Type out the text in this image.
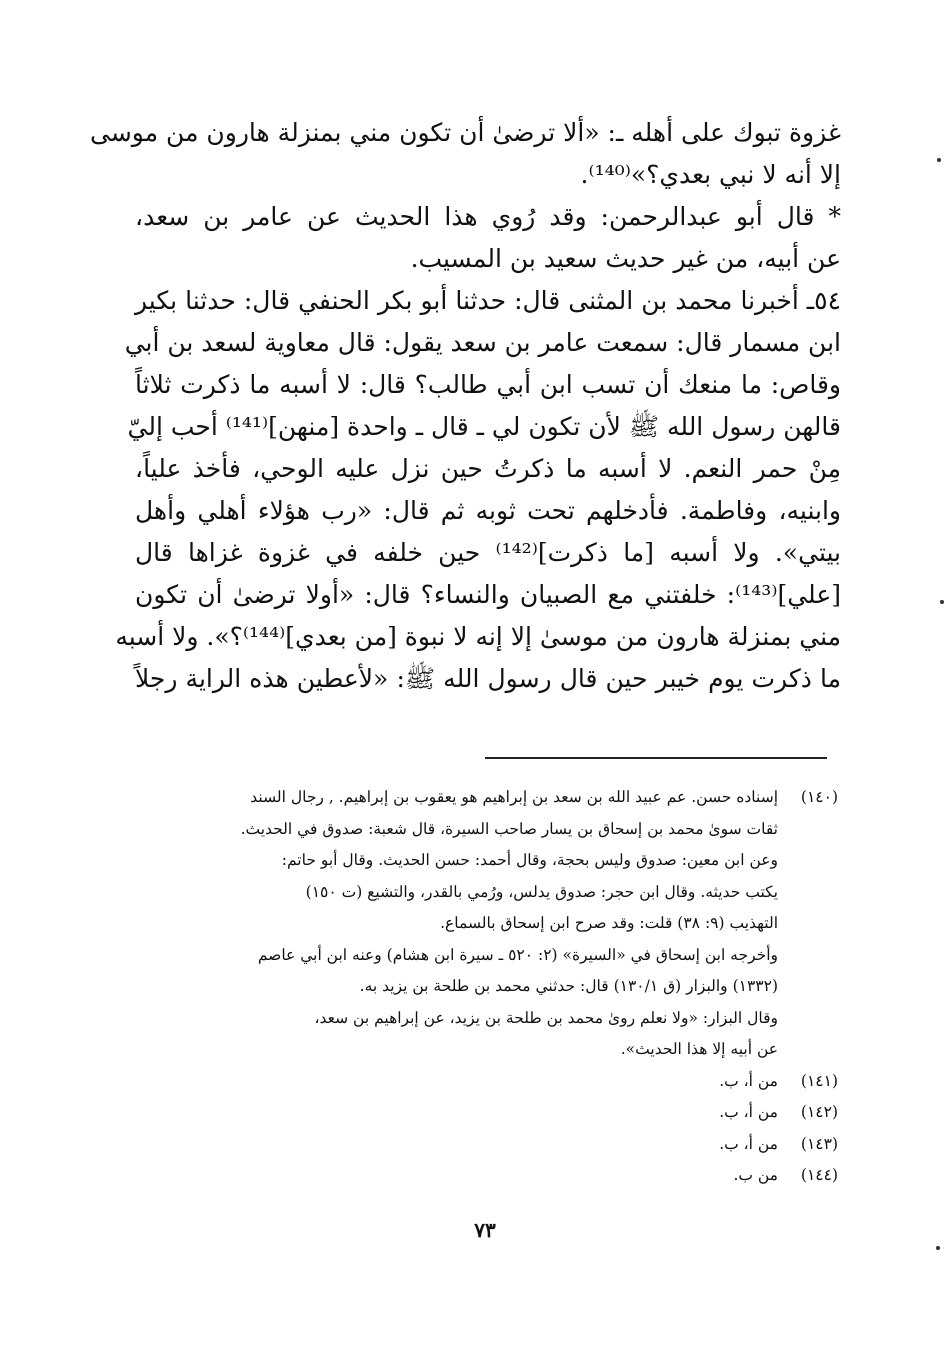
غزوة تبوك على أهله ـ: «ألا ترضىٰ أن تكون مني بمنزلة هارون من موسى
إلا أنه لا نبي بعدي؟»⁽¹⁴⁰⁾.
* قال أبو عبدالرحمن: وقد رُوي هذا الحديث عن عامر بن سعد،
عن أبيه، من غير حديث سعيد بن المسيب.
٥٤ـ أخبرنا محمد بن المثنى قال: حدثنا أبو بكر الحنفي قال: حدثنا بكير
ابن مسمار قال: سمعت عامر بن سعد يقول: قال معاوية لسعد بن أبي
وقاص: ما منعك أن تسب ابن أبي طالب؟ قال: لا أسبه ما ذكرت ثلاثاً
قالهن رسول الله ﷺ لأن تكون لي ـ قال ـ واحدة [منهن]⁽¹⁴¹⁾ أحب إليّ
مِنْ حمر النعم. لا أسبه ما ذكرتُ حين نزل عليه الوحي، فأخذ علياً،
وابنيه، وفاطمة. فأدخلهم تحت ثوبه ثم قال: «رب هؤلاء أهلي وأهل
بيتي». ولا أسبه [ما ذكرت]⁽¹⁴²⁾ حين خلفه في غزوة غزاها قال
[علي]⁽¹⁴³⁾: خلفتني مع الصبيان والنساء؟ قال: «أولا ترضىٰ أن تكون
مني بمنزلة هارون من موسىٰ إلا إنه لا نبوة [من بعدي]⁽¹⁴⁴⁾؟». ولا أسبه
ما ذكرت يوم خيبر حين قال رسول الله ﷺ: «لأعطين هذه الراية رجلاً
(١٤٠)
إسناده حسن. عم عبيد الله بن سعد بن إبراهيم هو يعقوب بن إبراهيم. , رجال السند
ثقات سوىٰ محمد بن إسحاق بن يسار صاحب السيرة، قال شعبة: صدوق في الحديث.
وعن ابن معين: صدوق وليس بحجة، وقال أحمد: حسن الحديث. وقال أبو حاتم:
يكتب حديثه. وقال ابن حجر: صدوق يدلس، ورُمي بالقدر، والتشيع (ت ١٥٠)
التهذيب (٩: ٣٨) قلت: وقد صرح ابن إسحاق بالسماع.
وأخرجه ابن إسحاق في «السيرة» (٢: ٥٢٠ ـ سيرة ابن هشام) وعنه ابن أبي عاصم
(١٣٣٢) والبزار (ق ١٣٠/١) قال: حدثني محمد بن طلحة بن يزيد به.
وقال البزار: «ولا نعلم روىٰ محمد بن طلحة بن يزيد، عن إبراهيم بن سعد،
عن أبيه إلا هذا الحديث».
(١٤١)
من أ، ب.
(١٤٢)
من أ، ب.
(١٤٣)
من أ، ب.
(١٤٤)
من ب.
٧٣
